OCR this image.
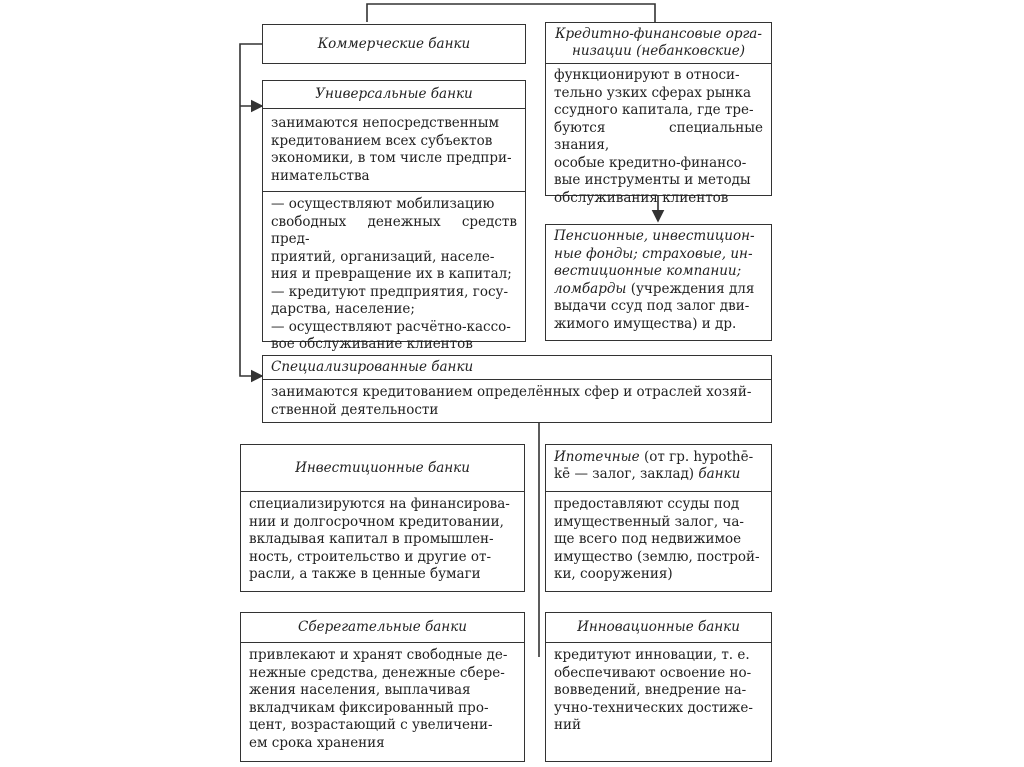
Коммерческие банки
Кредитно-финансовые орга-
низации (небанковские)
функционируют в относи-
тельно узких сферах рынка
ссудного капитала, где тре-
буются специальные знания,
особые кредитно-финансо-
вые инструменты и методы
обслуживания клиентов
Пенсионные, инвестицион-
ные фонды; страховые, ин-
вестиционные компании;
ломбарды (учреждения для
выдачи ссуд под залог дви-
жимого имущества) и др.
Универсальные банки
занимаются непосредственным
кредитованием всех субъектов
экономики, в том числе предпри-
нимательства
— осуществляют мобилизацию
свободных денежных средств пред-
приятий, организаций, населе-
ния и превращение их в капитал;
— кредитуют предприятия, госу-
дарства, население;
— осуществляют расчётно-кассо-
вое обслуживание клиентов
Специализированные банки
занимаются кредитованием определённых сфер и отраслей хозяй-
ственной деятельности
Инвестиционные банки
специализируются на финансирова-
нии и долгосрочном кредитовании,
вкладывая капитал в промышлен-
ность, строительство и другие от-
расли, а также в ценные бумаги
Ипотечные (от гр. hypothē-
kē — залог, заклад) банки
предоставляют ссуды под
имущественный залог, ча-
ще всего под недвижимое
имущество (землю, построй-
ки, сооружения)
Сберегательные банки
привлекают и хранят свободные де-
нежные средства, денежные сбере-
жения населения, выплачивая
вкладчикам фиксированный про-
цент, возрастающий с увеличени-
ем срока хранения
Инновационные банки
кредитуют инновации, т. е.
обеспечивают освоение но-
вовведений, внедрение на-
учно-технических достиже-
ний
